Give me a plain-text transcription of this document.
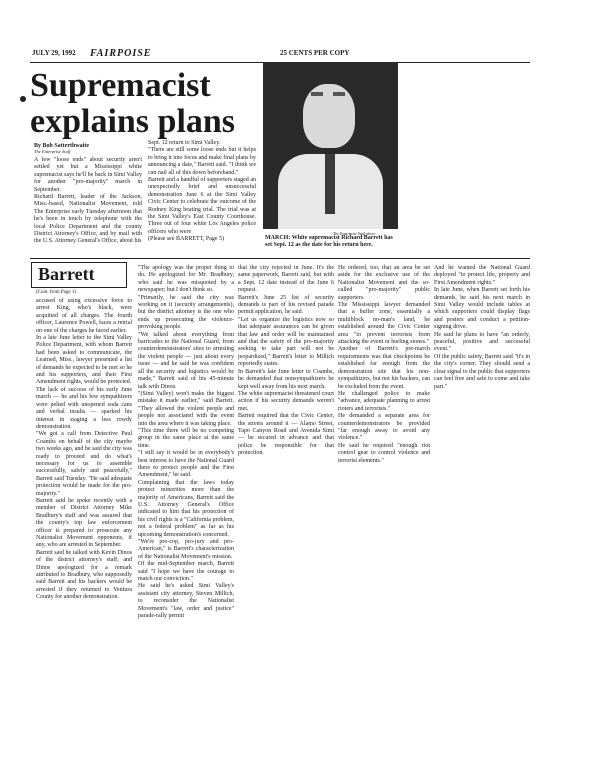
JULY 29, 1992 FAIRPOISE	25 CENTS PER COPY
Supremacist explains plans
By Bob Satterthwaite
The Enterprise Staff
A few "loose ends" about security aren't settled yet but a Mississippi white supremacist says he'll be back in Simi Valley for another "pro-majority" march in September.
Richard Barrett, leader of the Jackson, Miss.-based, Nationalist Movement, told The Enterprise early Tuesday afternoon that he's been in touch by telephone with the local Police Department and the county District Attorney's Office, and by mail with the U.S. Attorney General's Office, about his
Sept. 12 return to Simi Valley.
"There are still some loose ends but it helps to bring it into focus and make final plans by announcing a date," Barrett said. "I think we can nail all of this down beforehand."
Barrett and a handful of supporters staged an unexpectedly brief and unsuccessful demonstration June 6 at the Simi Valley Civic Center to celebrate the outcome of the Rodney King beating trial. The trial was at the Simi Valley's East County Courthouse. Three out of four white Los Angeles police officers who were
(Please see BARRETT, Page 5)
The Enterprise Staff photo
MARCH: White supremacist Richard Barrett has set Sept. 12 as the date for his return here.
Barrett
(Cont. from Page 1)
accused of using excessive force to arrest King, who's black, were acquitted of all charges. The fourth officer, Laurence Powell, faces a retrial on one of the charges he faced earlier.
In a late June letter to the Simi Valley Police Department, with whom Barrett had been asked to communicate, the Learned, Miss., lawyer presented a list of demands he expected to be met so he and his supporters, and their First Amendment rights, would be protected.
The lack of success of his early June march — he and his few sympathizers were pelted with unopened soda cans and verbal insults — sparked his interest in staging a less rowdy demonstration.
"We got a call from Detective Paul Coambs on behalf of the city maybe two weeks ago, and he said the city was ready to proceed and do what's necessary for us to assemble successfully, safely and peacefully," Barrett said Tuesday. "He said adequate protection would be made for the pro-majority."
Barrett said he spoke recently with a member of District Attorney Mike Bradbury's staff and was assured that the county's top law enforcement officer is prepared to prosecute any Nationalist Movement opponents, if any, who are arrested in September.
Barrett said he talked with Kevin Dinos of the district attorney's staff, and Dinos apologized for a remark attributed to Bradbury, who supposedly said Barrett and his backers would be arrested if they returned to Ventura County for another demonstration.
"The apology was the proper thing to do. He apologized for Mr. Bradbury, who said he was misquoted by a newspaper; but I don't think so.
"Primarily, he said the city was working on it (security arrangements), but the district attorney is the one who ends up prosecuting the violence-provoking people.
"We talked about everything from barricades to the National Guard, from counterdemonstrators' sites to arresting the violent people — just about every issue — and he said he was confident all the security and logistics would be made," Barrett said of his 45-minute talk with Dinos.
"(Simi Valley) won't make the biggest mistake it made earlier," said Barrett. "They allowed the violent people and people not associated with the event into the area where it was taking place.
"This time there will be no competing group in the same place at the same time.
"I still say it would be in everybody's best interest to have the National Guard there to protect people and the First Amendment," he said.
Complaining that the laws today protect minorities more than the majority of Americans, Barrett said the U.S. Attorney General's Office indicated to him that his protection of his civil rights is a "California problem, not a federal problem" as far as his upcoming demonstration's concerned.
"We're pro-cop, pro-jury and pro-American," is Barrett's characterization of the Nationalist Movement's mission.
Of the mid-September march, Barrett said "I hope we have the courage to match our conviction."
He said he's asked Simi Valley's assistant city attorney, Steven Millich, to reconsider the Nationalist Movement's "law, order and justice" parade-rally permit
that the city rejected in June. It's the same paperwork, Barrett said, but with a Sept. 12 date instead of the June 6 request.
Barrett's June 25 list of security demands is part of his revised parade permit application, he said.
"Let us organize the logistics now so that adequate assurances can be given that law and order will be maintained and that the safety of the pro-majority seeking to take part will not be jeopardized," Barrett's letter to Millich reportedly states.
In Barrett's late June letter to Coambs, he demanded that nonsympathizers be kept well away from his next march.
The white supremacist threatened court action if his security demands weren't met.
Barrett required that the Civic Center, the streets around it — Alamo Street, Tapo Canyon Road and Avenida Simi — be secured in advance and that police be responsible for that protection.
He ordered, too, that an area be set aside for the exclusive use of the Nationalist Movement and the so-called "pro-majority" public supporters.
The Mississippi lawyer demanded that a buffer zone, essentially a multiblock no-man's land, be established around the Civic Center area "to prevent terrorists from attacking the event or hurling stones."
Another of Barrett's pre-march requirements was that checkpoints be established far enough from the demonstration site that his non-sympathizers, but not his backers, can be excluded from the event.
He challenged police to make "advance, adequate planning to arrest rioters and terrorists."
He demanded a separate area for counterdemonstrators be provided "far enough away to avoid any violence."
He said he required "enough riot control gear to control violence and terrorist elements."
And he wanted the National Guard deployed "to protect life, property and First Amendment rights."
In late June, when Barrett set forth his demands, he said his next march in Simi Valley would include tables at which supporters could display flags and posters and conduct a petition-signing drive.
He said he plans to have "an orderly, peaceful, positive and successful event."
Of the public safety, Barrett said "it's in the city's corner. They should send a clear signal to the public that supporters can feel free and safe to come and take part."
